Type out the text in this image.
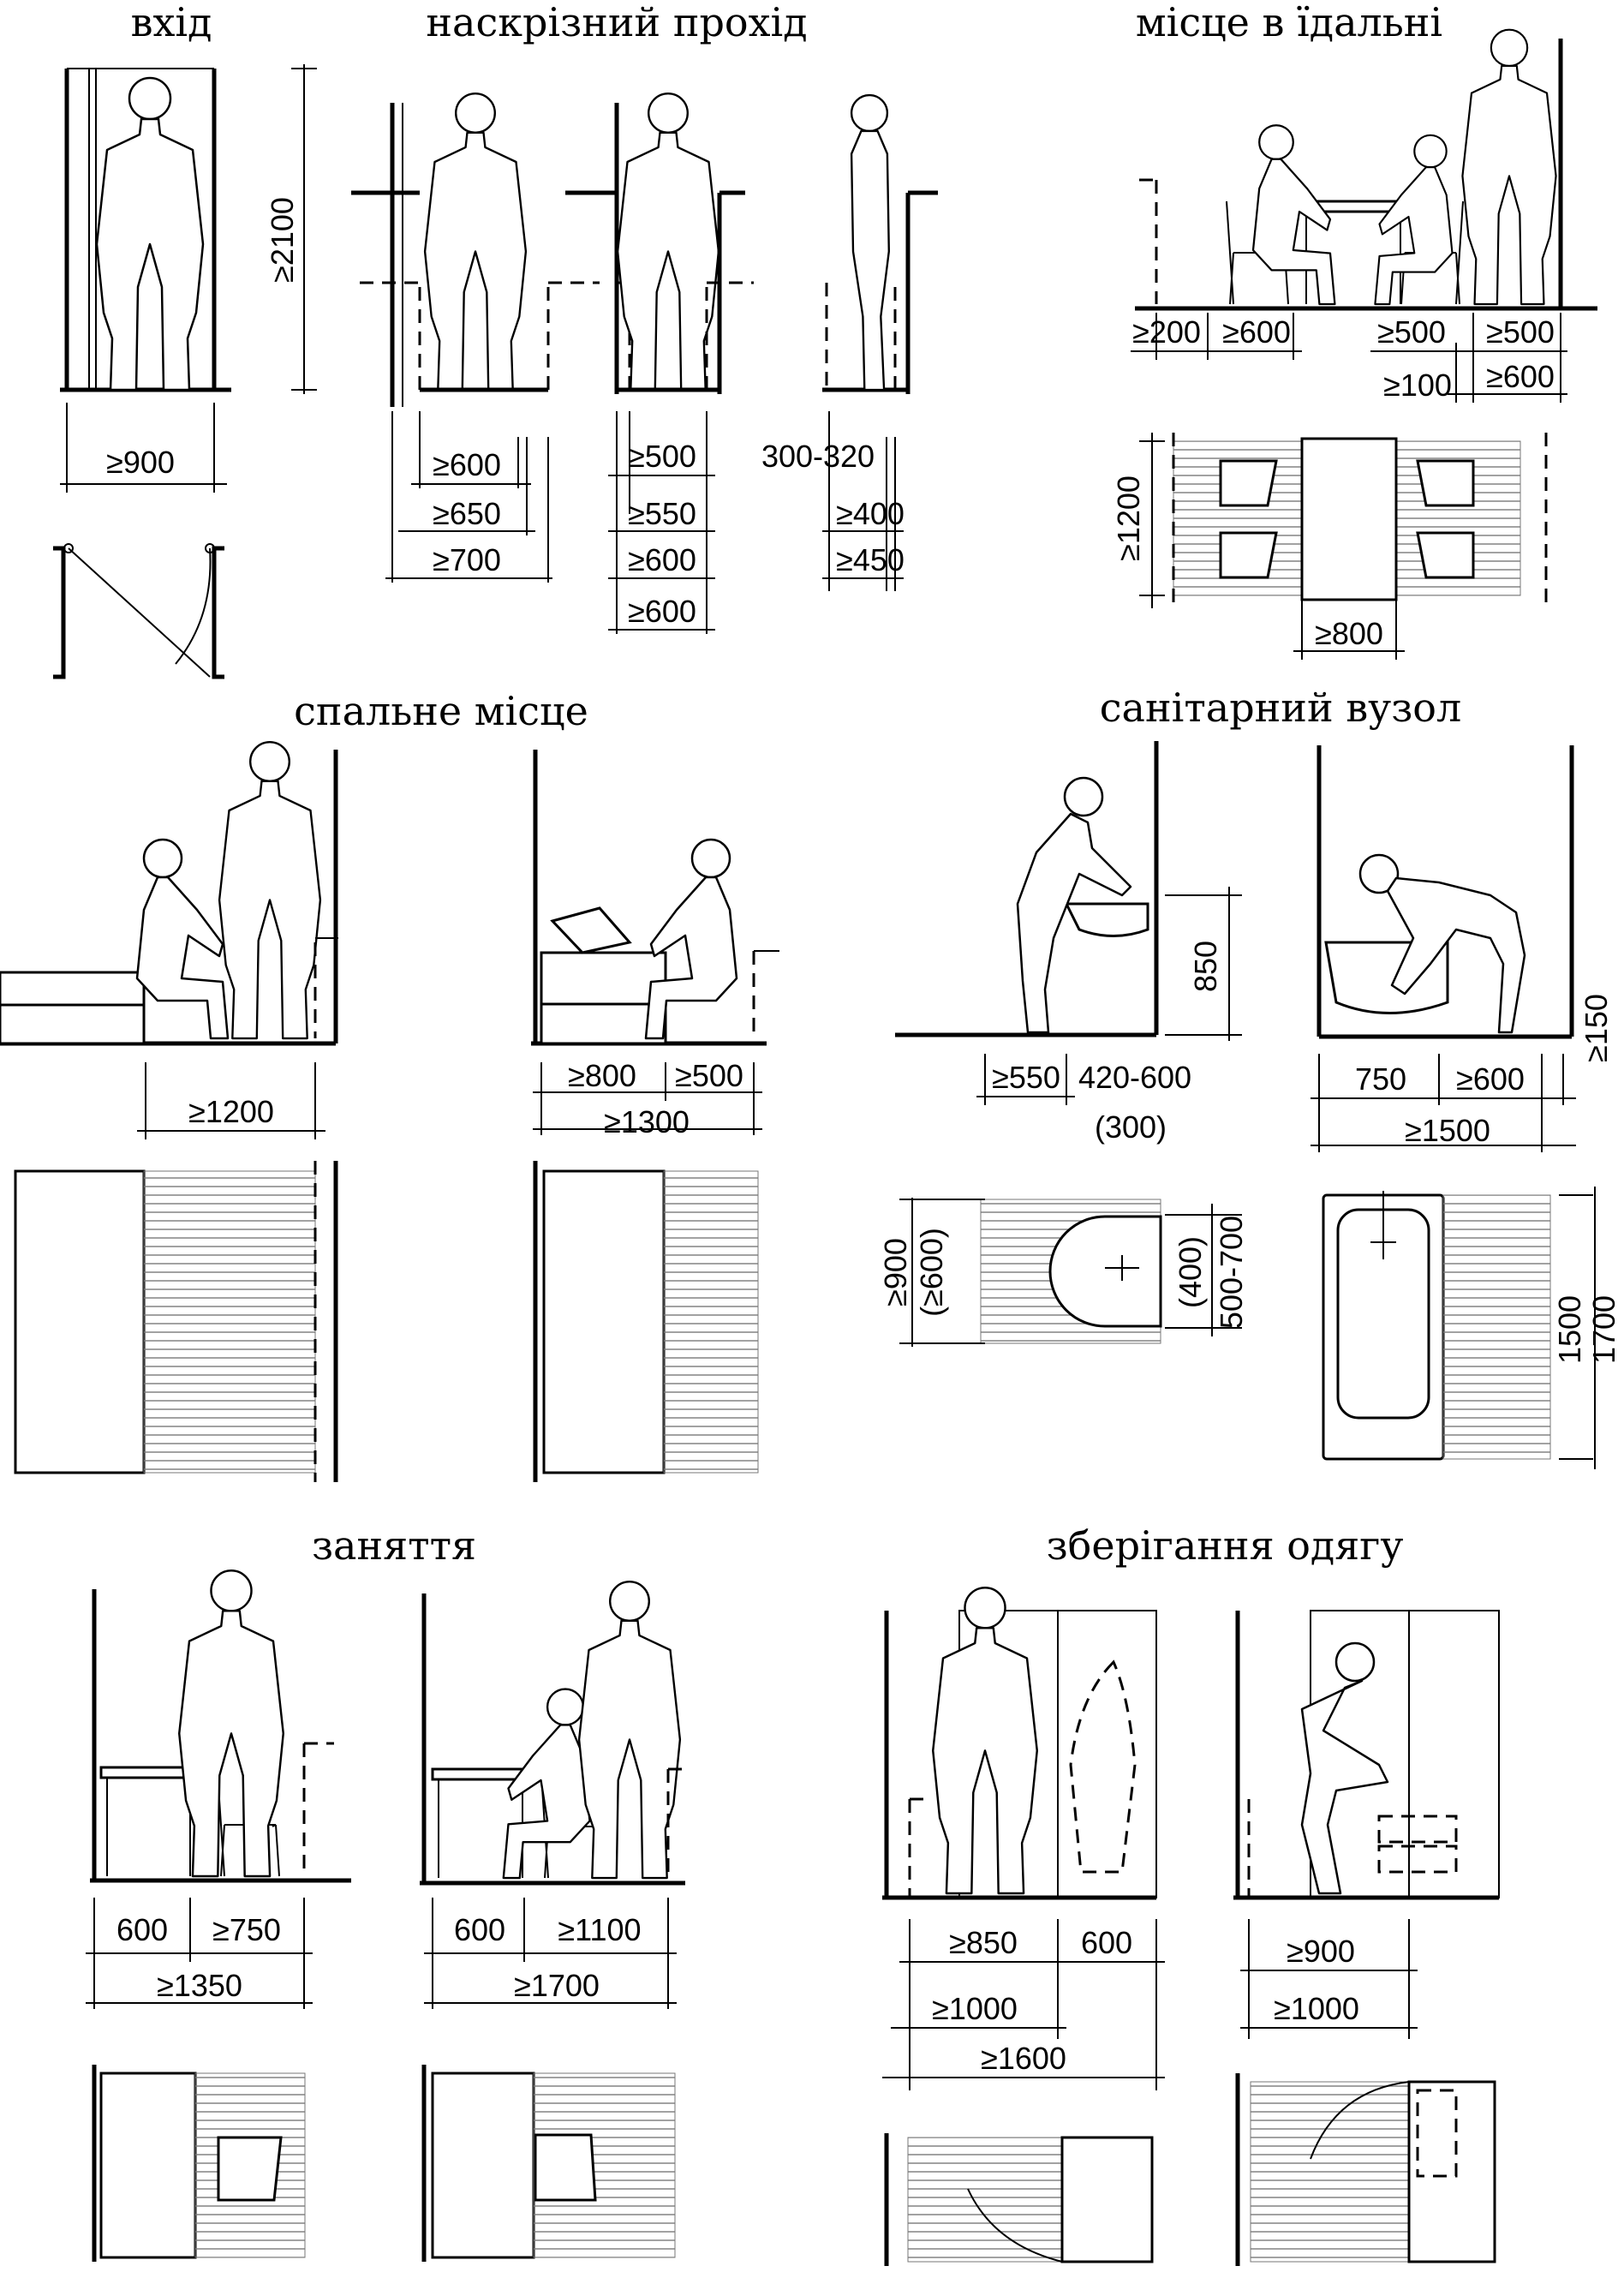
вхід	наскрізний прохід	місце в їдальні
спальне місце	санітарний вузол
заняття	зберігання одягу
≥2100
≥900	≥600
≥650
≥700
≥500
≥550
≥600
≥600
300-320
≥400
≥450
≥200 ≥600	≥500
≥100
≥500
≥600
≥1200
≥800
≥1200
≥800 ≥500
≥1300
850
≥550 420-600
(300)
≥900 (≥600)	(400) 500-700
750 ≥600
≥150
≥1500
1500 1700
600 ≥750
≥1350
600 ≥1100
≥1700
≥850 600
≥1000
≥1600
≥900
≥1000
